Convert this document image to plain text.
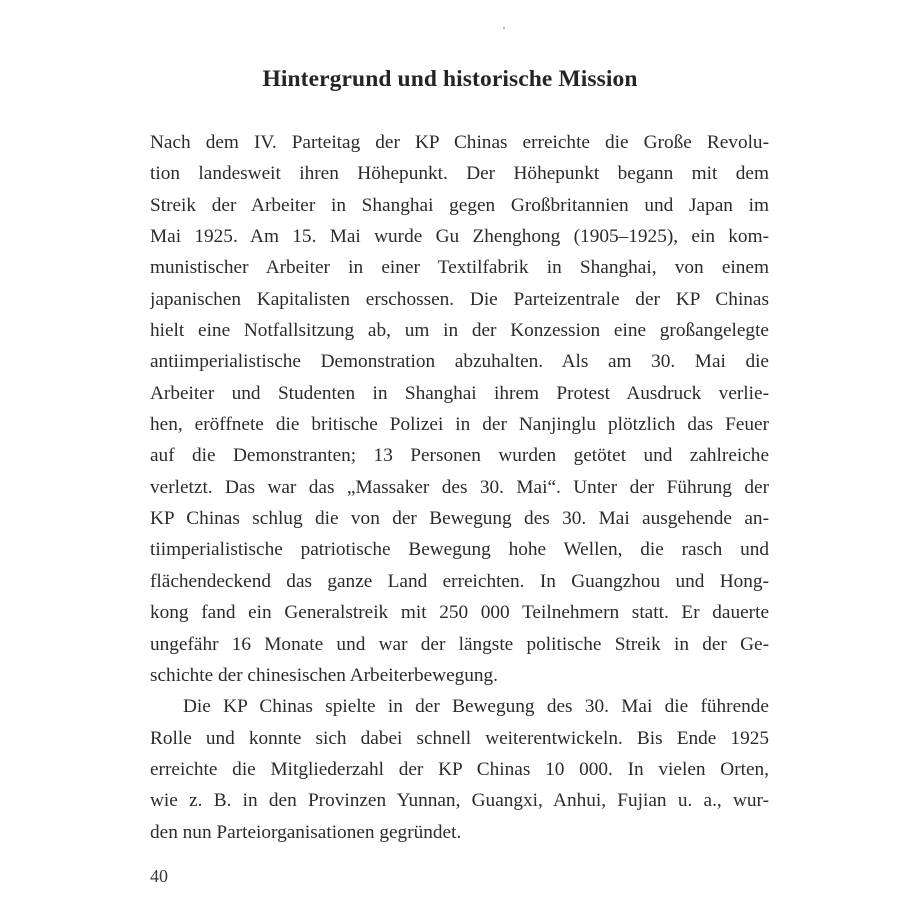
Hintergrund und historische Mission
Nach dem IV. Parteitag der KP Chinas erreichte die Große Revolu-
tion landesweit ihren Höhepunkt. Der Höhepunkt begann mit dem
Streik der Arbeiter in Shanghai gegen Großbritannien und Japan im
Mai 1925. Am 15. Mai wurde Gu Zhenghong (1905–1925), ein kom-
munistischer Arbeiter in einer Textilfabrik in Shanghai, von einem
japanischen Kapitalisten erschossen. Die Parteizentrale der KP Chinas
hielt eine Notfallsitzung ab, um in der Konzession eine großangelegte
antiimperialistische Demonstration abzuhalten. Als am 30. Mai die
Arbeiter und Studenten in Shanghai ihrem Protest Ausdruck verlie-
hen, eröffnete die britische Polizei in der Nanjinglu plötzlich das Feuer
auf die Demonstranten; 13 Personen wurden getötet und zahlreiche
verletzt. Das war das „Massaker des 30. Mai“. Unter der Führung der
KP Chinas schlug die von der Bewegung des 30. Mai ausgehende an-
tiimperialistische patriotische Bewegung hohe Wellen, die rasch und
flächendeckend das ganze Land erreichten. In Guangzhou und Hong-
kong fand ein Generalstreik mit 250 000 Teilnehmern statt. Er dauerte
ungefähr 16 Monate und war der längste politische Streik in der Ge-
schichte der chinesischen Arbeiterbewegung.
Die KP Chinas spielte in der Bewegung des 30. Mai die führende
Rolle und konnte sich dabei schnell weiterentwickeln. Bis Ende 1925
erreichte die Mitgliederzahl der KP Chinas 10 000. In vielen Orten,
wie z. B. in den Provinzen Yunnan, Guangxi, Anhui, Fujian u. a., wur-
den nun Parteiorganisationen gegründet.
40
